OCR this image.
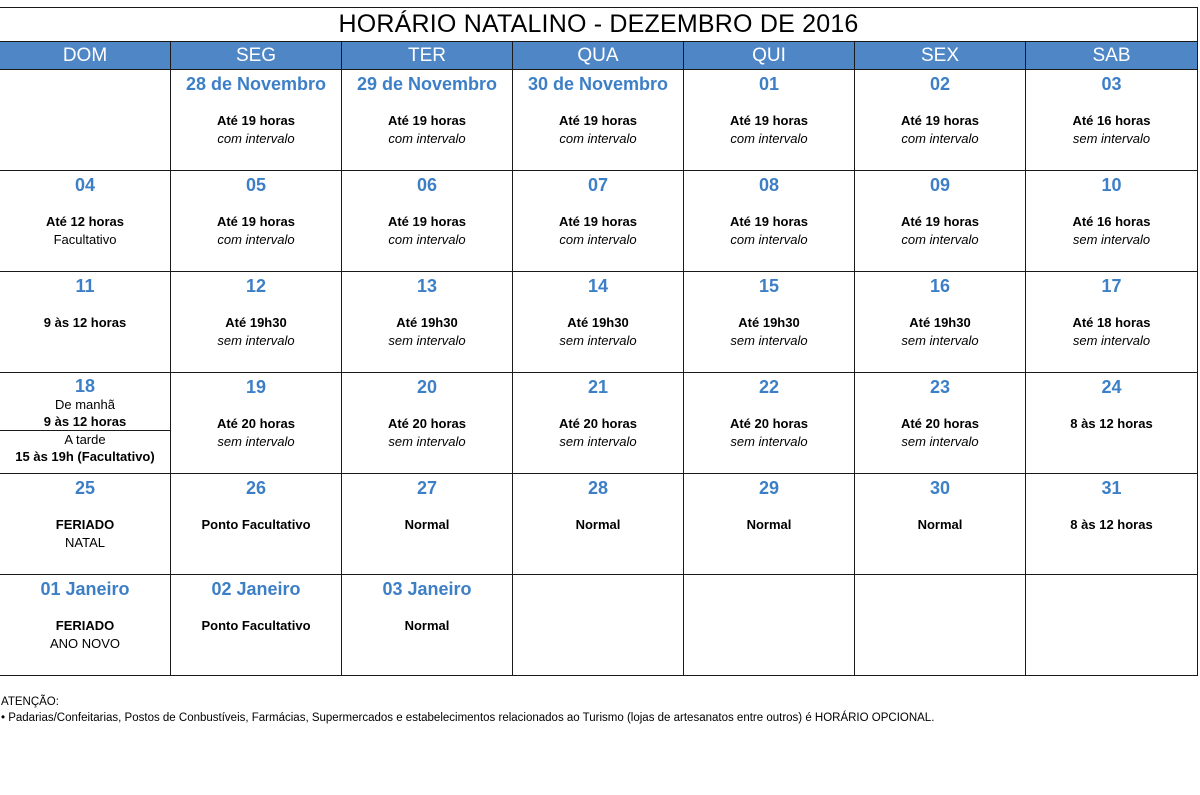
HORÁRIO NATALINO - DEZEMBRO DE 2016						
DOM	SEG	TER	QUA	QUI	SEX	SAB

	28 de Novembro
Até 19 horas
com intervalo	29 de Novembro
Até 19 horas
com intervalo	30 de Novembro
Até 19 horas
com intervalo	01
Até 19 horas
com intervalo	02
Até 19 horas
com intervalo	03
Até 16 horas
sem intervalo

04
Até 12 horas
Facultativo	05
Até 19 horas
com intervalo	06
Até 19 horas
com intervalo	07
Até 19 horas
com intervalo	08
Até 19 horas
com intervalo	09
Até 19 horas
com intervalo	10
Até 16 horas
sem intervalo

11
9 às 12 horas	12
Até 19h30
sem intervalo	13
Até 19h30
sem intervalo	14
Até 19h30
sem intervalo	15
Até 19h30
sem intervalo	16
Até 19h30
sem intervalo	17
Até 18 horas
sem intervalo

18
De manhã
9 às 12 horas
A tarde
15 às 19h (Facultativo)	19
Até 20 horas
sem intervalo	20
Até 20 horas
sem intervalo	21
Até 20 horas
sem intervalo	22
Até 20 horas
sem intervalo	23
Até 20 horas
sem intervalo	24
8 às 12 horas

25
FERIADO
NATAL	26
Ponto Facultativo	27
Normal	28
Normal	29
Normal	30
Normal	31
8 às 12 horas

01 Janeiro
FERIADO
ANO NOVO	02 Janeiro
Ponto Facultativo	03 Janeiro
Normal				

ATENÇÃO:
• Padarias/Confeitarias, Postos de Conbustíveis, Farmácias, Supermercados e estabelecimentos relacionados ao Turismo (lojas de artesanatos entre outros) é HORÁRIO OPCIONAL.
